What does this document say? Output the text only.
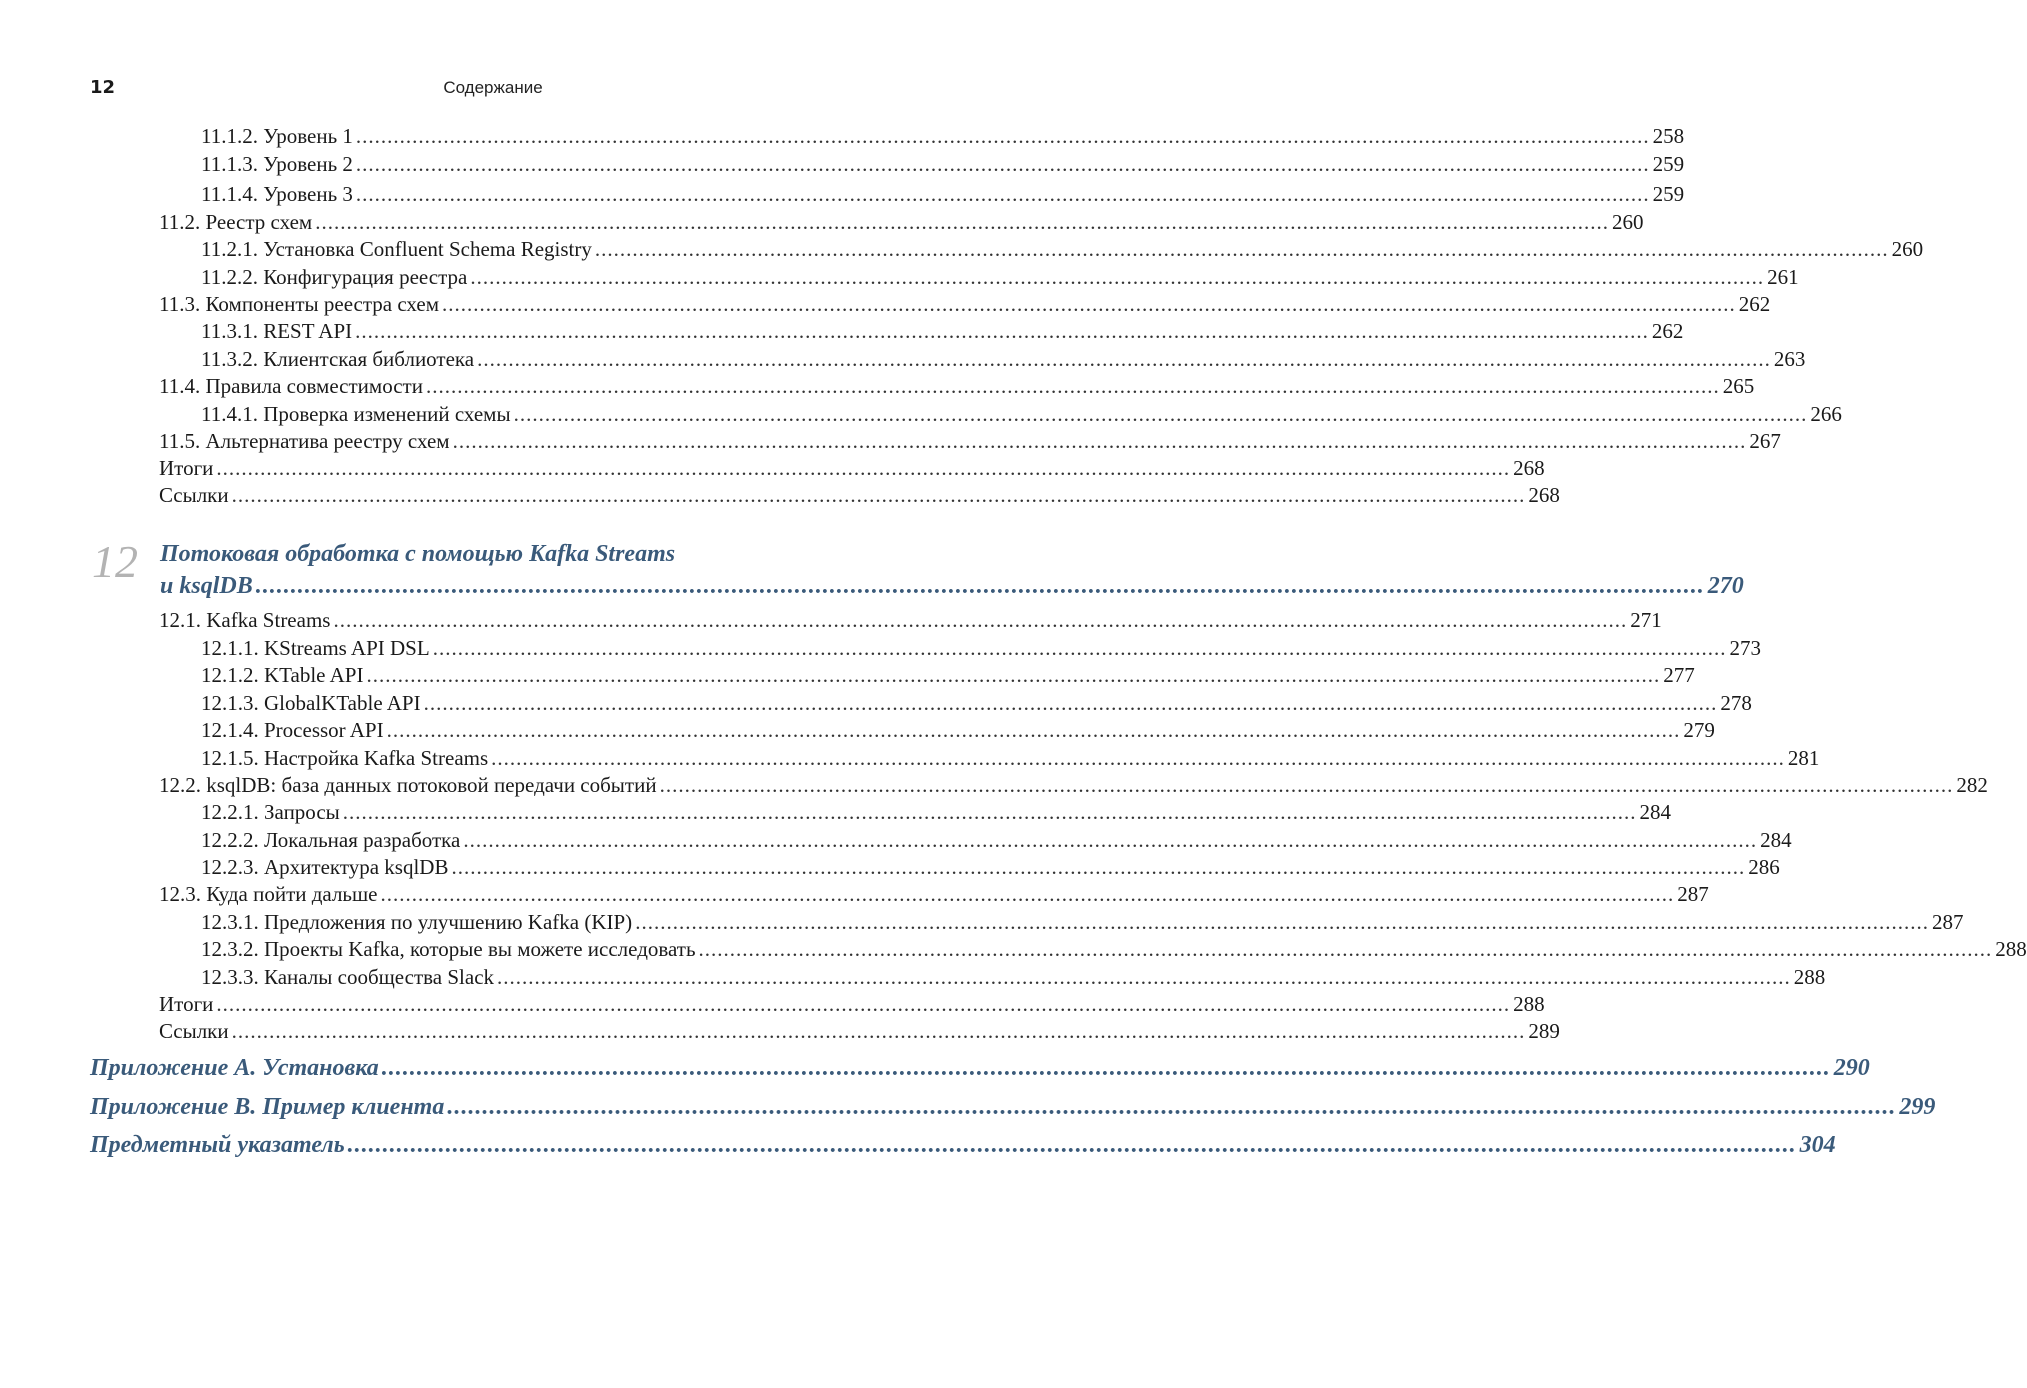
12	Содержание
11.1.2. Уровень 1 ............................................................................................................................................................................................................... 258
11.1.3. Уровень 2 ............................................................................................................................................................................................................... 259
11.1.4. Уровень 3 ............................................................................................................................................................................................................... 259
11.2. Реестр схем ............................................................................................................................................................................................................... 260
11.2.1. Установка Confluent Schema Registry ............................................................................................................................................................................................................... 260
11.2.2. Конфигурация реестра ............................................................................................................................................................................................................... 261
11.3. Компоненты реестра схем ............................................................................................................................................................................................................... 262
11.3.1. REST API ............................................................................................................................................................................................................... 262
11.3.2. Клиентская библиотека ............................................................................................................................................................................................................... 263
11.4. Правила совместимости ............................................................................................................................................................................................................... 265
11.4.1. Проверка изменений схемы ............................................................................................................................................................................................................... 266
11.5. Альтернатива реестру схем ............................................................................................................................................................................................................... 267
Итоги ............................................................................................................................................................................................................... 268
Ссылки ............................................................................................................................................................................................................... 268
12 Потоковая обработка с помощью Kafka Streams
и ksqlDB ............................................................................................................................................................................................................... 270
12.1. Kafka Streams ............................................................................................................................................................................................................... 271
12.1.1. KStreams API DSL ............................................................................................................................................................................................................... 273
12.1.2. KTable API ............................................................................................................................................................................................................... 277
12.1.3. GlobalKTable API ............................................................................................................................................................................................................... 278
12.1.4. Processor API ............................................................................................................................................................................................................... 279
12.1.5. Настройка Kafka Streams ............................................................................................................................................................................................................... 281
12.2. ksqlDB: база данных потоковой передачи событий ............................................................................................................................................................................................................... 282
12.2.1. Запросы ............................................................................................................................................................................................................... 284
12.2.2. Локальная разработка ............................................................................................................................................................................................................... 284
12.2.3. Архитектура ksqlDB ............................................................................................................................................................................................................... 286
12.3. Куда пойти дальше ............................................................................................................................................................................................................... 287
12.3.1. Предложения по улучшению Kafka (KIP) ............................................................................................................................................................................................................... 287
12.3.2. Проекты Kafka, которые вы можете исследовать ............................................................................................................................................................................................................... 288
12.3.3. Каналы сообщества Slack ............................................................................................................................................................................................................... 288
Итоги ............................................................................................................................................................................................................... 288
Ссылки ............................................................................................................................................................................................................... 289
Приложение А. Установка ............................................................................................................................................................................................................... 290
Приложение В. Пример клиента ............................................................................................................................................................................................................... 299
Предметный указатель ............................................................................................................................................................................................................... 304
